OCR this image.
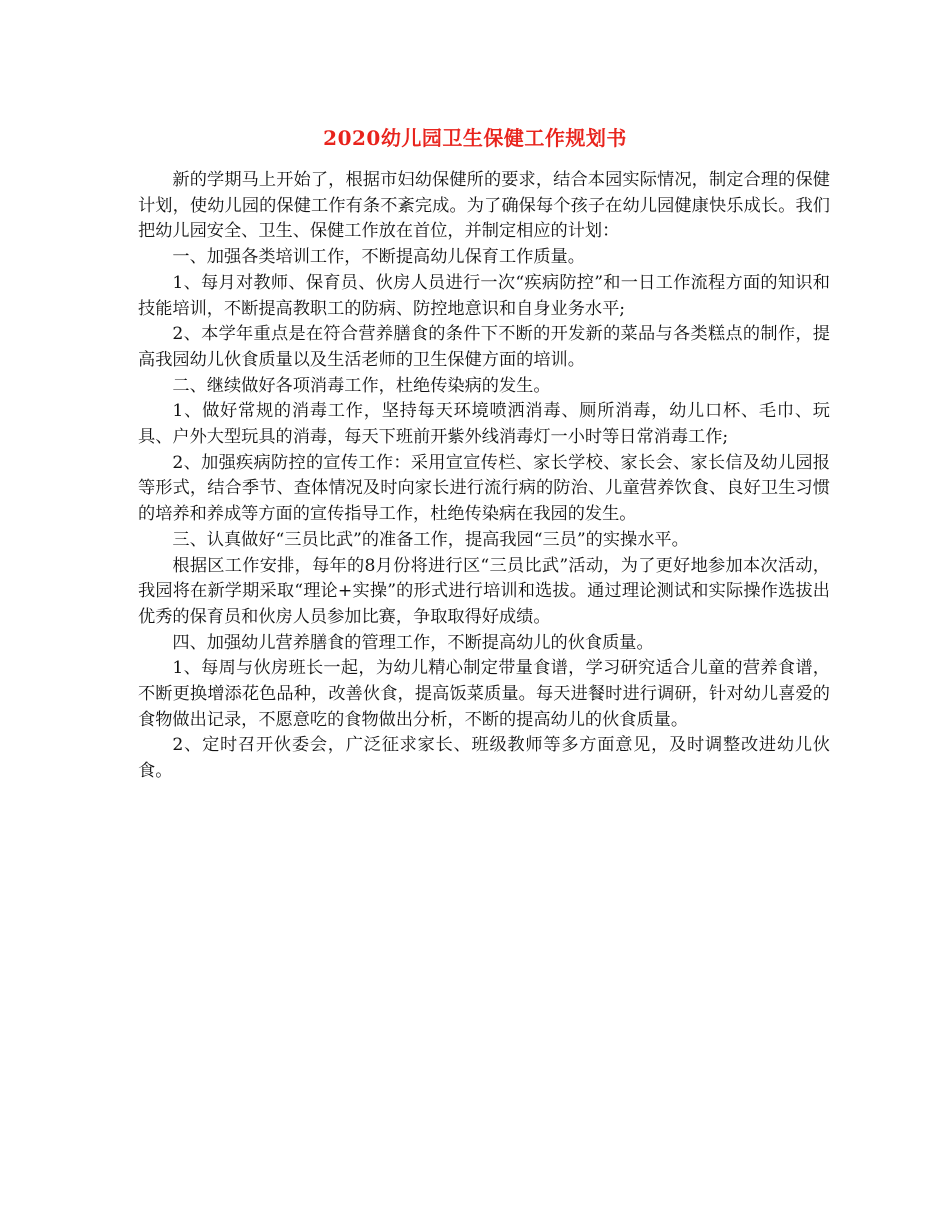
2020幼儿园卫生保健工作规划书

新的学期马上开始了，根据市妇幼保健所的要求，结合本园实际情况，制定合理的保健计划，使幼儿园的保健工作有条不紊完成。为了确保每个孩子在幼儿园健康快乐成长。我们把幼儿园安全、卫生、保健工作放在首位，并制定相应的计划：

一、加强各类培训工作，不断提高幼儿保育工作质量。

1、每月对教师、保育员、伙房人员进行一次“疾病防控”和一日工作流程方面的知识和技能培训，不断提高教职工的防病、防控地意识和自身业务水平;

2、本学年重点是在符合营养膳食的条件下不断的开发新的菜品与各类糕点的制作，提高我园幼儿伙食质量以及生活老师的卫生保健方面的培训。

二、继续做好各项消毒工作，杜绝传染病的发生。

1、做好常规的消毒工作，坚持每天环境喷洒消毒、厕所消毒，幼儿口杯、毛巾、玩具、户外大型玩具的消毒，每天下班前开紫外线消毒灯一小时等日常消毒工作;

2、加强疾病防控的宣传工作：采用宣宣传栏、家长学校、家长会、家长信及幼儿园报等形式，结合季节、查体情况及时向家长进行流行病的防治、儿童营养饮食、良好卫生习惯的培养和养成等方面的宣传指导工作，杜绝传染病在我园的发生。

三、认真做好“三员比武”的准备工作，提高我园“三员”的实操水平。

根据区工作安排，每年的8月份将进行区“三员比武”活动，为了更好地参加本次活动，我园将在新学期采取“理论+实操”的形式进行培训和选拔。通过理论测试和实际操作选拔出优秀的保育员和伙房人员参加比赛，争取取得好成绩。

四、加强幼儿营养膳食的管理工作，不断提高幼儿的伙食质量。

1、每周与伙房班长一起，为幼儿精心制定带量食谱，学习研究适合儿童的营养食谱，不断更换增添花色品种，改善伙食，提高饭菜质量。每天进餐时进行调研，针对幼儿喜爱的食物做出记录，不愿意吃的食物做出分析，不断的提高幼儿的伙食质量。

2、定时召开伙委会，广泛征求家长、班级教师等多方面意见，及时调整改进幼儿伙食。
